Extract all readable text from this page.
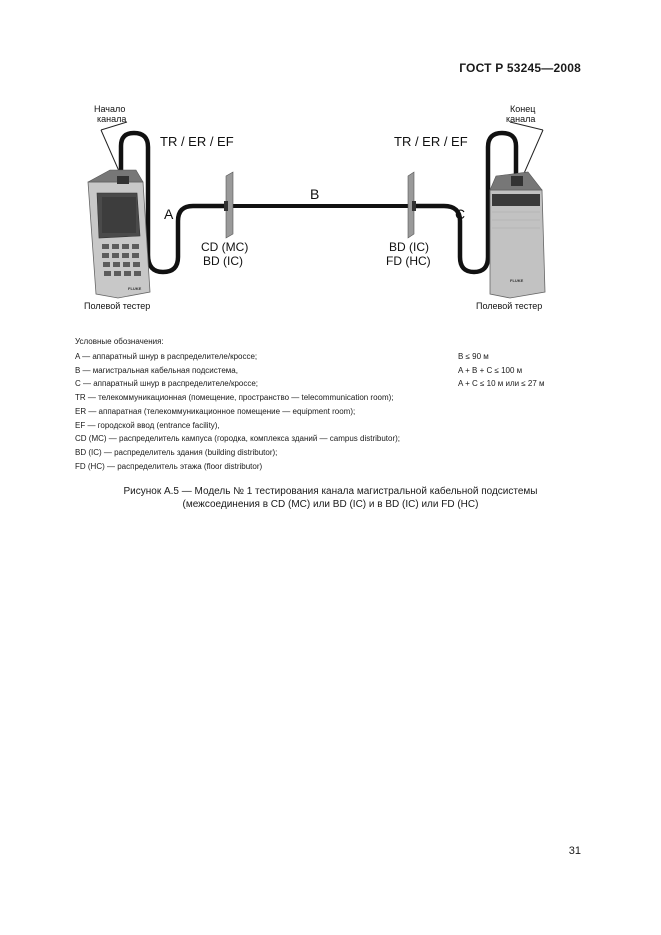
ГОСТ Р 53245—2008
FLUKE
FLUKE
Начало
канала
Конец
канала
TR / ER / EF	TR / ER / EF
A
B
C
CD (MC)
BD (IC)
BD (IC)
FD (HC)
Полевой тестер	Полевой тестер
Условные обозначения:
A — аппаратный шнур в распределителе/кроссе;
B — магистральная кабельная подсистема,
C — аппаратный шнур в распределителе/кроссе;
TR — телекоммуникационная (помещение, пространство — telecommunication room);
ER — аппаратная (телекоммуникационное помещение — equipment room);
EF — городской ввод (entrance facility),
CD (MC) — распределитель кампуса (городка, комплекса зданий — campus distributor);
BD (IC) — распределитель здания (building distributor);
FD (HC) — распределитель этажа (floor distributor)
B ≤ 90 м
A + B + C ≤ 100 м
A + C ≤ 10 м или ≤ 27 м
Рисунок А.5 — Модель № 1 тестирования канала магистральной кабельной подсистемы
(межсоединения в CD (MC) или BD (IC) и в BD (IC) или FD (HC)
31
